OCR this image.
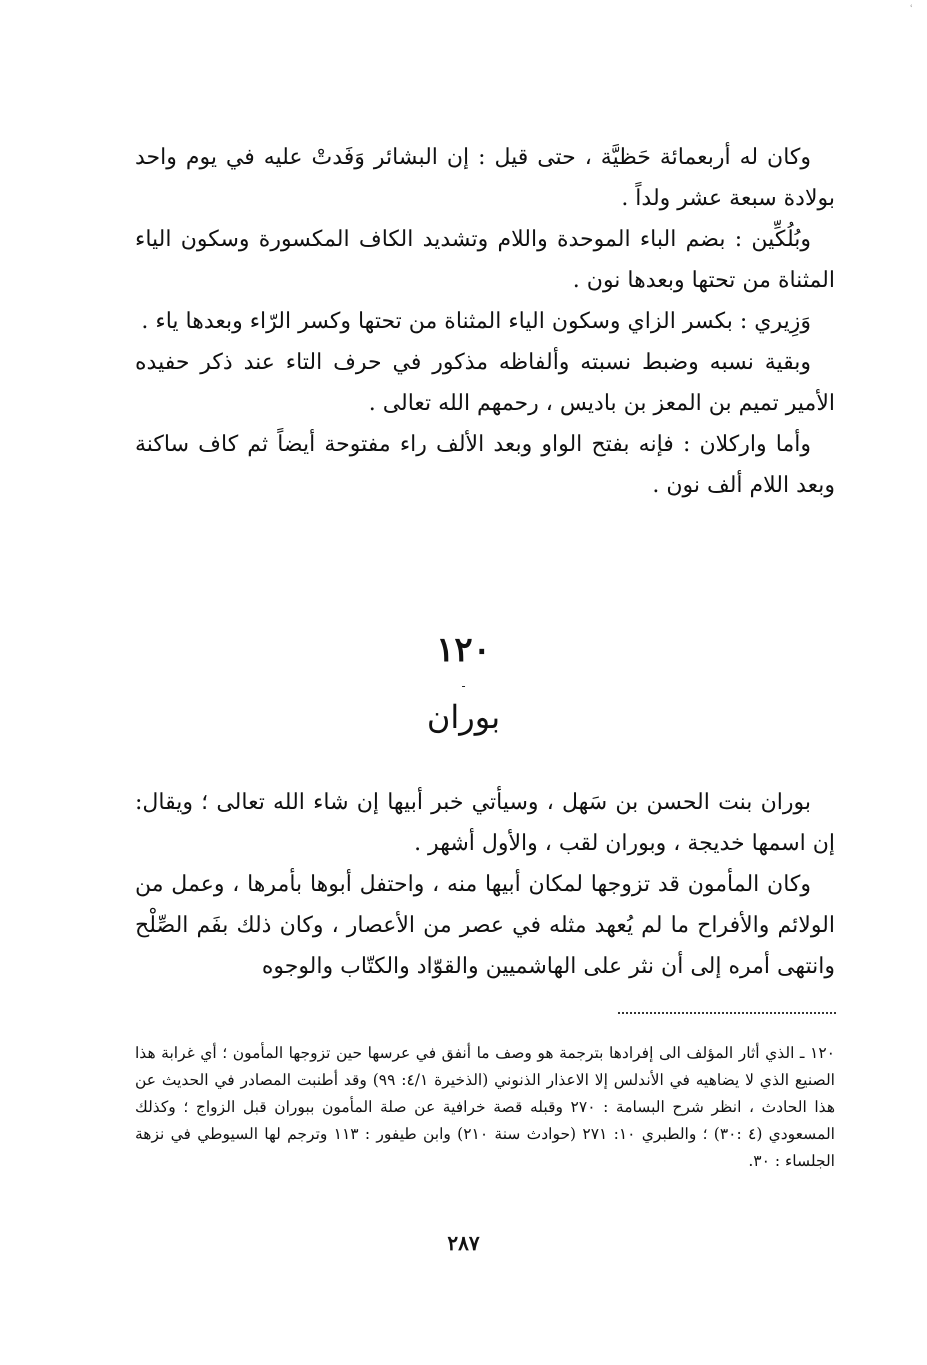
ʿ

وكان له أربعمائة حَظيَّة ، حتى قيل : إن البشائر وَفَدتْ عليه في يوم واحد بولادة سبعة عشر ولداً .

وبُلُكِّين : بضم الباء الموحدة واللام وتشديد الكاف المكسورة وسكون الياء المثناة من تحتها وبعدها نون .

وَزِيري : بكسر الزاي وسكون الياء المثناة من تحتها وكسر الرّاء وبعدها ياء .

وبقية نسبه وضبط نسبته وألفاظه مذكور في حرف التاء عند ذكر حفيده الأمير تميم بن المعز بن باديس ، رحمهم الله تعالى .

وأما واركلان : فإنه بفتح الواو وبعد الألف راء مفتوحة أيضاً ثم كاف ساكنة وبعد اللام ألف نون .

١٢٠
-
بوران

بوران بنت الحسن بن سَهل ، وسيأتي خبر أبيها إن شاء الله تعالى ؛ ويقال: إن اسمها خديجة ، وبوران لقب ، والأول أشهر .

وكان المأمون قد تزوجها لمكان أبيها منه ، واحتفل أبوها بأمرها ، وعمل من الولائم والأفراح ما لم يُعهد مثله في عصر من الأعصار ، وكان ذلك بفَم الصِّلْح وانتهى أمره إلى أن نثر على الهاشميين والقوّاد والكتّاب والوجوه

١٢٠ ـ الذي أثار المؤلف الى إفرادها بترجمة هو وصف ما أنفق في عرسها حين تزوجها المأمون ؛ أي غرابة هذا الصنيع الذي لا يضاهيه في الأندلس إلا الاعذار الذنوني (الذخيرة ٤/١: ٩٩) وقد أطنبت المصادر في الحديث عن هذا الحادث ، انظر شرح البسامة : ٢٧٠ وقبله قصة خرافية عن صلة المأمون ببوران قبل الزواج ؛ وكذلك المسعودي (٤ :٣٠) ؛ والطبري ١٠: ٢٧١ (حوادث سنة ٢١٠) وابن طيفور : ١١٣ وترجم لها السيوطي في نزهة الجلساء : ٣٠.

٢٨٧
